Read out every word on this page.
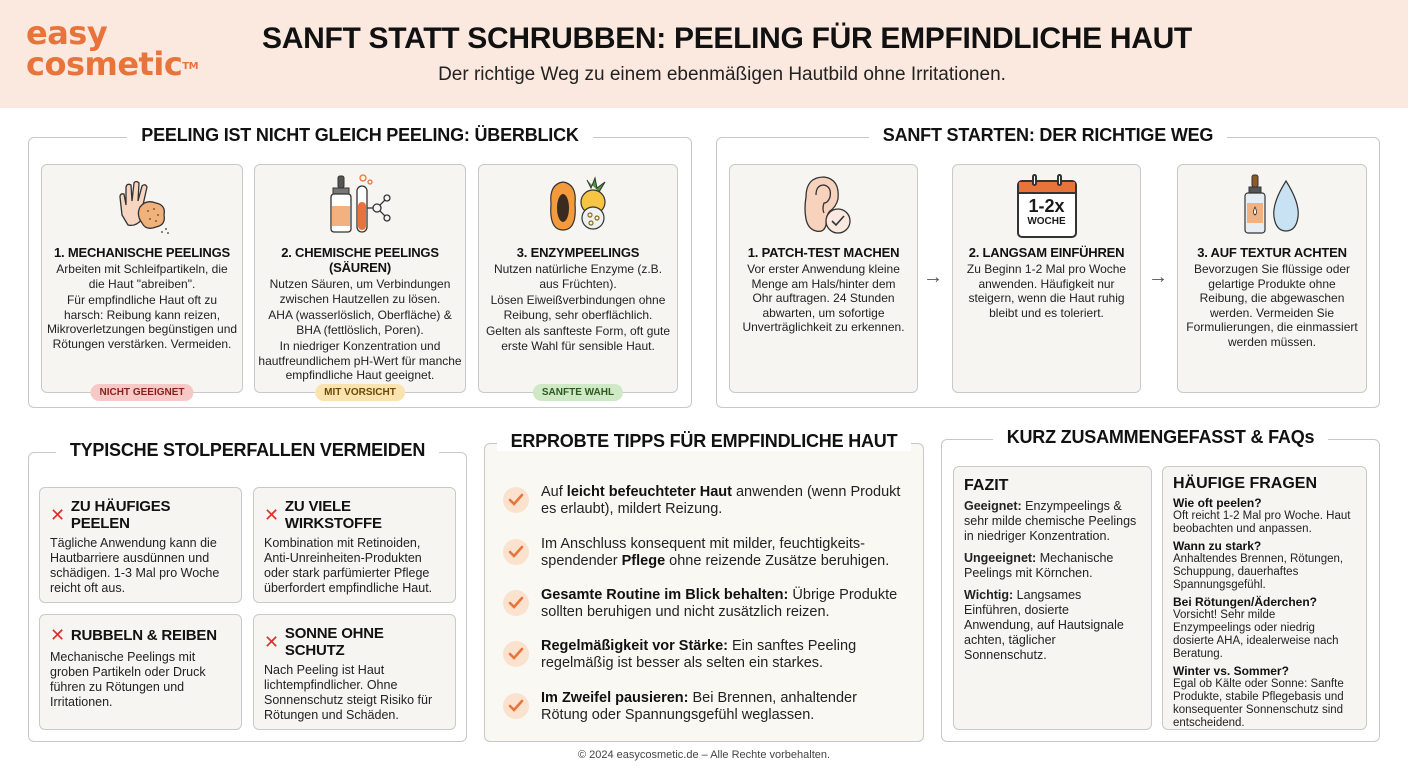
easy
cosmetic™
SANFT STATT SCHRUBBEN: PEELING FÜR EMPFINDLICHE HAUT
Der richtige Weg zu einem ebenmäßigen Hautbild ohne Irritationen.
PEELING IST NICHT GLEICH PEELING: ÜBERBLICK
1. MECHANISCHE PEELINGS

Arbeiten mit Schleifpartikeln, die die Haut "abreiben".

Für empfindliche Haut oft zu harsch: Reibung kann reizen, Mikroverletzungen begünstigen und Rötungen verstärken. Vermeiden.

NICHT GEEIGNET
2. CHEMISCHE PEELINGS (SÄUREN)

Nutzen Säuren, um Verbindungen zwischen Hautzellen zu lösen.

AHA (wasserlöslich, Oberfläche) & BHA (fettlöslich, Poren).

In niedriger Konzentration und hautfreundlichem pH-Wert für manche empfindliche Haut geeignet.

MIT VORSICHT
3. ENZYMPEELINGS

Nutzen natürliche Enzyme (z.B. aus Früchten).

Lösen Eiweißverbindungen ohne Reibung, sehr oberflächlich.

Gelten als sanfteste Form, oft gute erste Wahl für sensible Haut.

SANFTE WAHL
SANFT STARTEN: DER RICHTIGE WEG
1. PATCH-TEST MACHEN

Vor erster Anwendung kleine Menge am Hals/hinter dem Ohr auftragen. 24 Stunden abwarten, um sofortige Unverträglichkeit zu erkennen.

→
1-2x
WOCHE
2. LANGSAM EINFÜHREN

Zu Beginn 1-2 Mal pro Woche anwenden. Häufigkeit nur steigern, wenn die Haut ruhig bleibt und es toleriert.

→
3. AUF TEXTUR ACHTEN

Bevorzugen Sie flüssige oder gelartige Produkte ohne Reibung, die abgewaschen werden. Vermeiden Sie Formulierungen, die einmassiert werden müssen.

TYPISCHE STOLPERFALLEN VERMEIDEN
✕ ZU HÄUFIGES PEELEN

Tägliche Anwendung kann die Hautbarriere ausdünnen und schädigen. 1-3 Mal pro Woche reicht oft aus.

✕ ZU VIELE WIRKSTOFFE

Kombination mit Retinoiden, Anti-Unreinheiten-Produkten oder stark parfümierter Pflege überfordert empfindliche Haut.

✕ RUBBELN & REIBEN

Mechanische Peelings mit groben Partikeln oder Druck führen zu Rötungen und Irritationen.

✕ SONNE OHNE SCHUTZ

Nach Peeling ist Haut lichtempfindlicher. Ohne Sonnenschutz steigt Risiko für Rötungen und Schäden.

ERPROBTE TIPPS FÜR EMPFINDLICHE HAUT
Auf leicht befeuchteter Haut anwenden (wenn Produkt es erlaubt), mildert Reizung.
Im Anschluss konsequent mit milder, feuchtigkeits-spendender Pflege ohne reizende Zusätze beruhigen.
Gesamte Routine im Blick behalten: Übrige Produkte sollten beruhigen und nicht zusätzlich reizen.
Regelmäßigkeit vor Stärke: Ein sanftes Peeling regelmäßig ist besser als selten ein starkes.
Im Zweifel pausieren: Bei Brennen, anhaltender Rötung oder Spannungsgefühl weglassen.
KURZ ZUSAMMENGEFASST & FAQs
FAZIT
Geeignet: Enzympeelings & sehr milde chemische Peelings in niedriger Konzentration.
Ungeeignet: Mechanische Peelings mit Körnchen.
Wichtig: Langsames Einführen, dosierte Anwendung, auf Hautsignale achten, täglicher Sonnenschutz.
HÄUFIGE FRAGEN
Wie oft peelen?
Oft reicht 1-2 Mal pro Woche. Haut beobachten und anpassen.
Wann zu stark?
Anhaltendes Brennen, Rötungen, Schuppung, dauerhaftes Spannungsgefühl.
Bei Rötungen/Äderchen?
Vorsicht! Sehr milde Enzympeelings oder niedrig dosierte AHA, idealerweise nach Beratung.
Winter vs. Sommer?
Egal ob Kälte oder Sonne: Sanfte Produkte, stabile Pflegebasis und konsequenter Sonnenschutz sind entscheidend.
© 2024 easycosmetic.de – Alle Rechte vorbehalten.
